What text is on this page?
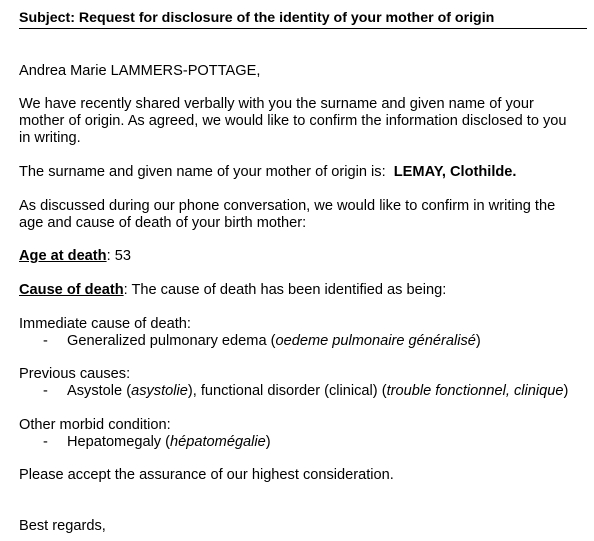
Subject: Request for disclosure of the identity of your mother of origin

Andrea Marie LAMMERS-POTTAGE,

We have recently shared verbally with you the surname and given name of your

mother of origin. As agreed, we would like to confirm the information disclosed to you

in writing.

The surname and given name of your mother of origin is: LEMAY, Clothilde.

As discussed during our phone conversation, we would like to confirm in writing the

age and cause of death of your birth mother:

Age at death: 53

Cause of death: The cause of death has been identified as being:

Immediate cause of death:

- Generalized pulmonary edema (oedeme pulmonaire généralisé)

Previous causes:

- Asystole (asystolie), functional disorder (clinical) (trouble fonctionnel, clinique)

Other morbid condition:

- Hepatomegaly (hépatomégalie)

Please accept the assurance of our highest consideration.

Best regards,
